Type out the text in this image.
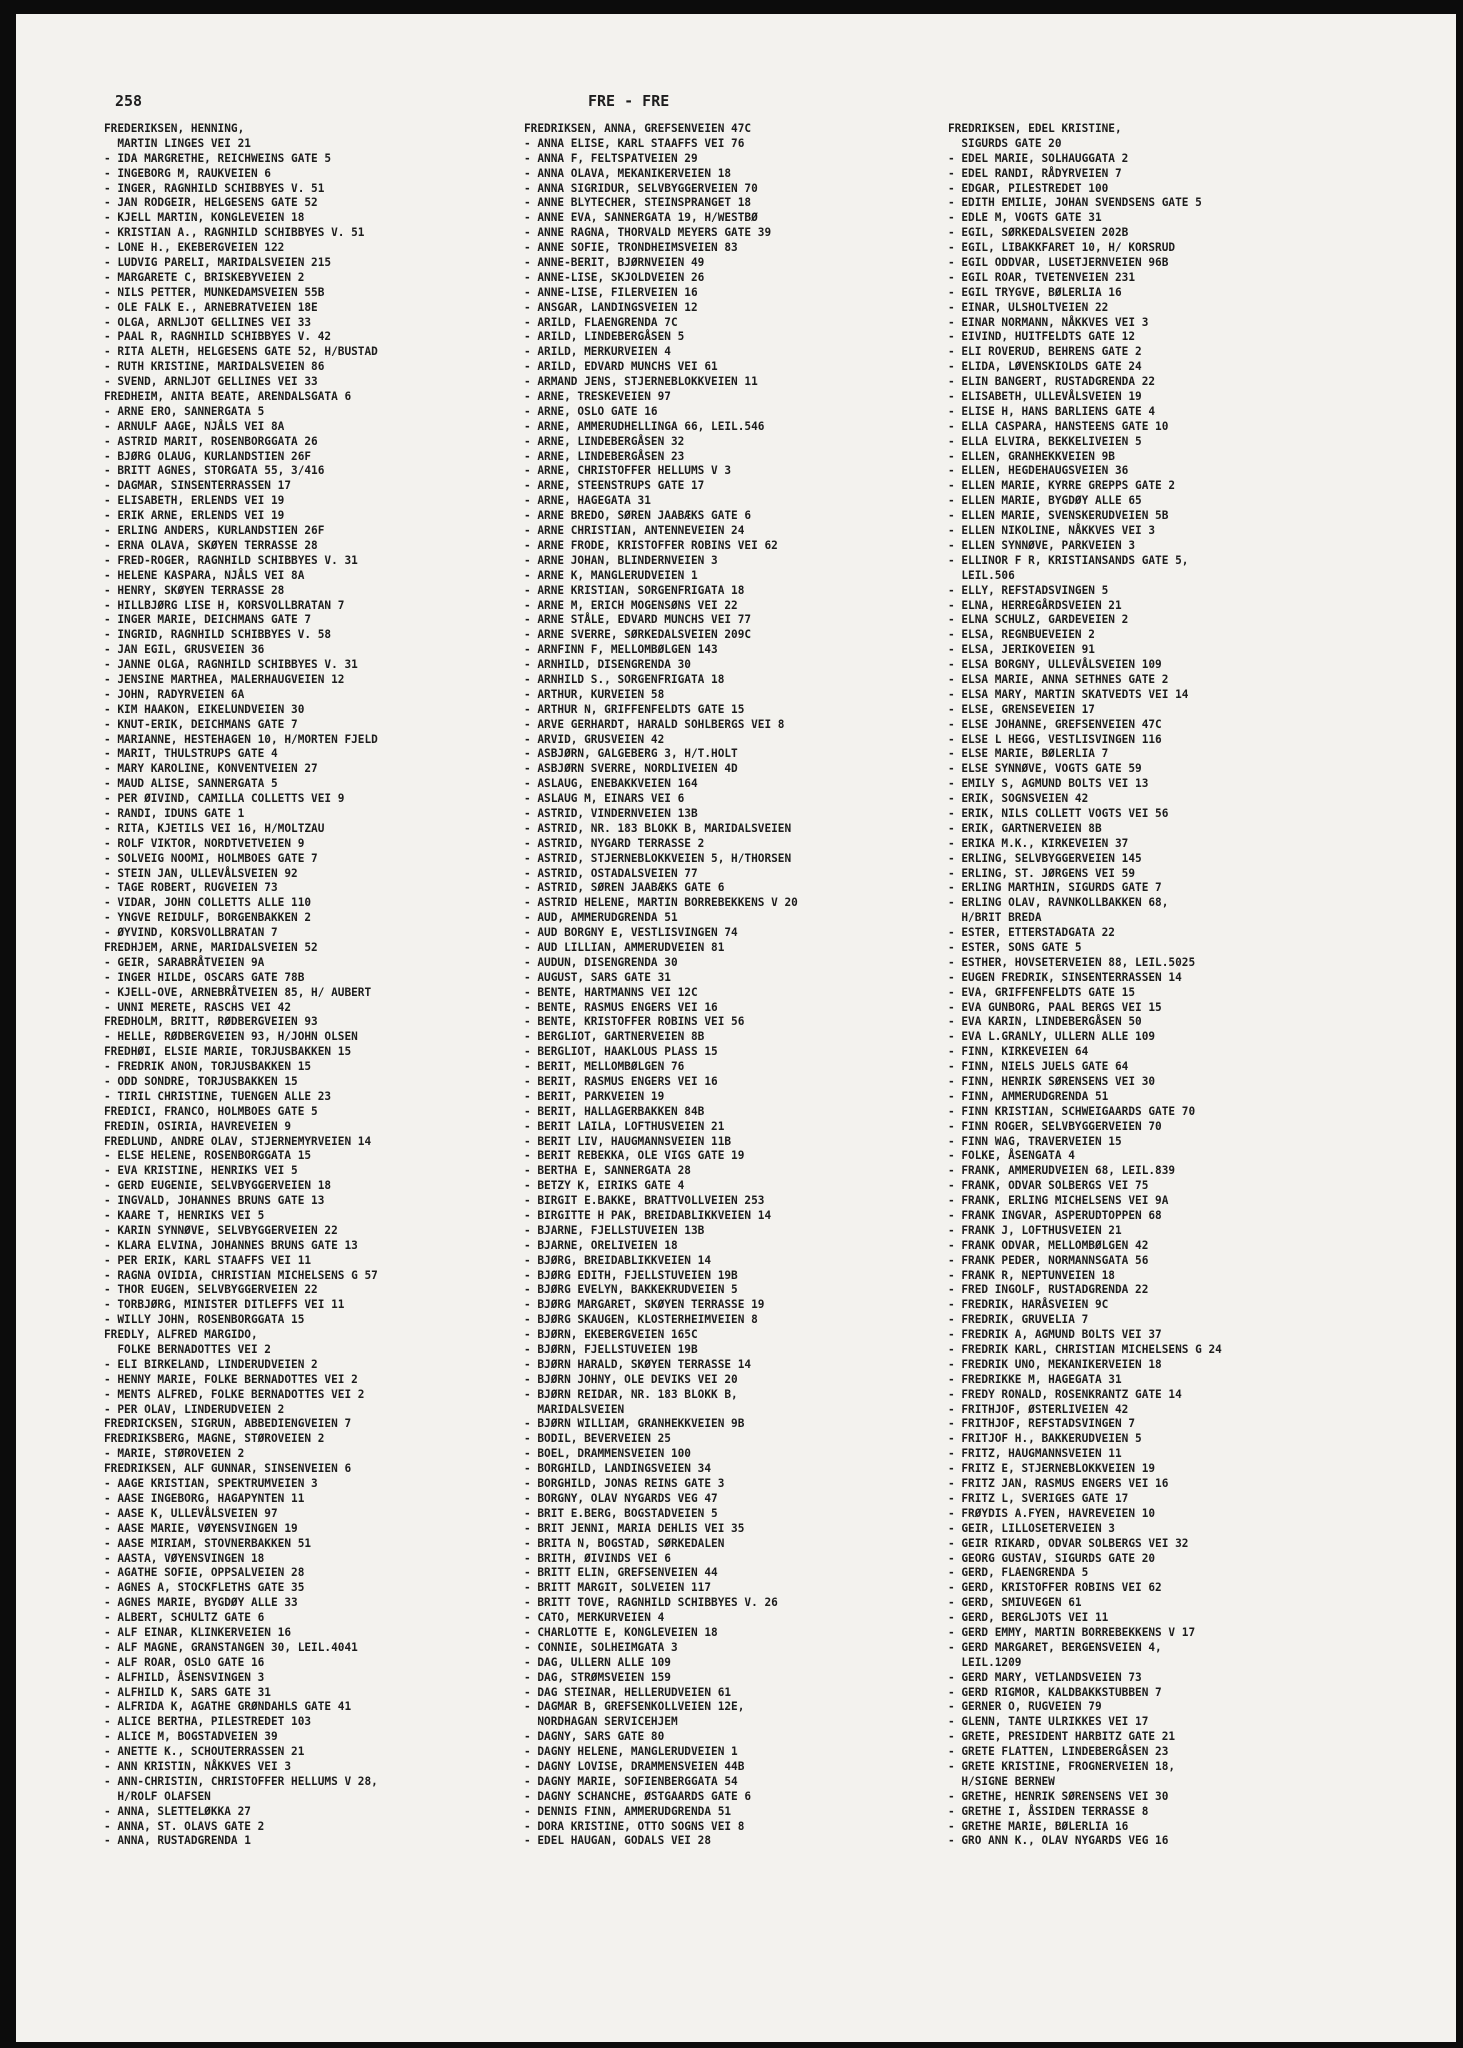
258	FRE - FRE
FREDERIKSEN, HENNING,
MARTIN LINGES VEI 21
- IDA MARGRETHE, REICHWEINS GATE 5
- INGEBORG M, RAUKVEIEN 6
- INGER, RAGNHILD SCHIBBYES V. 51
- JAN RODGEIR, HELGESENS GATE 52
- KJELL MARTIN, KONGLEVEIEN 18
- KRISTIAN A., RAGNHILD SCHIBBYES V. 51
- LONE H., EKEBERGVEIEN 122
- LUDVIG PARELI, MARIDALSVEIEN 215
- MARGARETE C, BRISKEBYVEIEN 2
- NILS PETTER, MUNKEDAMSVEIEN 55B
- OLE FALK E., ARNEBRATVEIEN 18E
- OLGA, ARNLJOT GELLINES VEI 33
- PAAL R, RAGNHILD SCHIBBYES V. 42
- RITA ALETH, HELGESENS GATE 52, H/BUSTAD
- RUTH KRISTINE, MARIDALSVEIEN 86
- SVEND, ARNLJOT GELLINES VEI 33
FREDHEIM, ANITA BEATE, ARENDALSGATA 6
- ARNE ERO, SANNERGATA 5
- ARNULF AAGE, NJÅLS VEI 8A
- ASTRID MARIT, ROSENBORGGATA 26
- BJØRG OLAUG, KURLANDSTIEN 26F
- BRITT AGNES, STORGATA 55, 3/416
- DAGMAR, SINSENTERRASSEN 17
- ELISABETH, ERLENDS VEI 19
- ERIK ARNE, ERLENDS VEI 19
- ERLING ANDERS, KURLANDSTIEN 26F
- ERNA OLAVA, SKØYEN TERRASSE 28
- FRED-ROGER, RAGNHILD SCHIBBYES V. 31
- HELENE KASPARA, NJÅLS VEI 8A
- HENRY, SKØYEN TERRASSE 28
- HILLBJØRG LISE H, KORSVOLLBRATAN 7
- INGER MARIE, DEICHMANS GATE 7
- INGRID, RAGNHILD SCHIBBYES V. 58
- JAN EGIL, GRUSVEIEN 36
- JANNE OLGA, RAGNHILD SCHIBBYES V. 31
- JENSINE MARTHEA, MALERHAUGVEIEN 12
- JOHN, RADYRVEIEN 6A
- KIM HAAKON, EIKELUNDVEIEN 30
- KNUT-ERIK, DEICHMANS GATE 7
- MARIANNE, HESTEHAGEN 10, H/MORTEN FJELD
- MARIT, THULSTRUPS GATE 4
- MARY KAROLINE, KONVENTVEIEN 27
- MAUD ALISE, SANNERGATA 5
- PER ØIVIND, CAMILLA COLLETTS VEI 9
- RANDI, IDUNS GATE 1
- RITA, KJETILS VEI 16, H/MOLTZAU
- ROLF VIKTOR, NORDTVETVEIEN 9
- SOLVEIG NOOMI, HOLMBOES GATE 7
- STEIN JAN, ULLEVÅLSVEIEN 92
- TAGE ROBERT, RUGVEIEN 73
- VIDAR, JOHN COLLETTS ALLE 110
- YNGVE REIDULF, BORGENBAKKEN 2
- ØYVIND, KORSVOLLBRATAN 7
FREDHJEM, ARNE, MARIDALSVEIEN 52
- GEIR, SARABRÅTVEIEN 9A
- INGER HILDE, OSCARS GATE 78B
- KJELL-OVE, ARNEBRÅTVEIEN 85, H/ AUBERT
- UNNI MERETE, RASCHS VEI 42
FREDHOLM, BRITT, RØDBERGVEIEN 93
- HELLE, RØDBERGVEIEN 93, H/JOHN OLSEN
FREDHØI, ELSIE MARIE, TORJUSBAKKEN 15
- FREDRIK ANON, TORJUSBAKKEN 15
- ODD SONDRE, TORJUSBAKKEN 15
- TIRIL CHRISTINE, TUENGEN ALLE 23
FREDICI, FRANCO, HOLMBOES GATE 5
FREDIN, OSIRIA, HAVREVEIEN 9
FREDLUND, ANDRE OLAV, STJERNEMYRVEIEN 14
- ELSE HELENE, ROSENBORGGATA 15
- EVA KRISTINE, HENRIKS VEI 5
- GERD EUGENIE, SELVBYGGERVEIEN 18
- INGVALD, JOHANNES BRUNS GATE 13
- KAARE T, HENRIKS VEI 5
- KARIN SYNNØVE, SELVBYGGERVEIEN 22
- KLARA ELVINA, JOHANNES BRUNS GATE 13
- PER ERIK, KARL STAAFFS VEI 11
- RAGNA OVIDIA, CHRISTIAN MICHELSENS G 57
- THOR EUGEN, SELVBYGGERVEIEN 22
- TORBJØRG, MINISTER DITLEFFS VEI 11
- WILLY JOHN, ROSENBORGGATA 15
FREDLY, ALFRED MARGIDO,
FOLKE BERNADOTTES VEI 2
- ELI BIRKELAND, LINDERUDVEIEN 2
- HENNY MARIE, FOLKE BERNADOTTES VEI 2
- MENTS ALFRED, FOLKE BERNADOTTES VEI 2
- PER OLAV, LINDERUDVEIEN 2
FREDRICKSEN, SIGRUN, ABBEDIENGVEIEN 7
FREDRIKSBERG, MAGNE, STØROVEIEN 2
- MARIE, STØROVEIEN 2
FREDRIKSEN, ALF GUNNAR, SINSENVEIEN 6
- AAGE KRISTIAN, SPEKTRUMVEIEN 3
- AASE INGEBORG, HAGAPYNTEN 11
- AASE K, ULLEVÅLSVEIEN 97
- AASE MARIE, VØYENSVINGEN 19
- AASE MIRIAM, STOVNERBAKKEN 51
- AASTA, VØYENSVINGEN 18
- AGATHE SOFIE, OPPSALVEIEN 28
- AGNES A, STOCKFLETHS GATE 35
- AGNES MARIE, BYGDØY ALLE 33
- ALBERT, SCHULTZ GATE 6
- ALF EINAR, KLINKERVEIEN 16
- ALF MAGNE, GRANSTANGEN 30, LEIL.4041
- ALF ROAR, OSLO GATE 16
- ALFHILD, ÅSENSVINGEN 3
- ALFHILD K, SARS GATE 31
- ALFRIDA K, AGATHE GRØNDAHLS GATE 41
- ALICE BERTHA, PILESTREDET 103
- ALICE M, BOGSTADVEIEN 39
- ANETTE K., SCHOUTERRASSEN 21
- ANN KRISTIN, NÅKKVES VEI 3
- ANN-CHRISTIN, CHRISTOFFER HELLUMS V 28,
H/ROLF OLAFSEN
- ANNA, SLETTELØKKA 27
- ANNA, ST. OLAVS GATE 2
- ANNA, RUSTADGRENDA 1
FREDRIKSEN, ANNA, GREFSENVEIEN 47C
- ANNA ELISE, KARL STAAFFS VEI 76
- ANNA F, FELTSPATVEIEN 29
- ANNA OLAVA, MEKANIKERVEIEN 18
- ANNA SIGRIDUR, SELVBYGGERVEIEN 70
- ANNE BLYTECHER, STEINSPRANGET 18
- ANNE EVA, SANNERGATA 19, H/WESTBØ
- ANNE RAGNA, THORVALD MEYERS GATE 39
- ANNE SOFIE, TRONDHEIMSVEIEN 83
- ANNE-BERIT, BJØRNVEIEN 49
- ANNE-LISE, SKJOLDVEIEN 26
- ANNE-LISE, FILERVEIEN 16
- ANSGAR, LANDINGSVEIEN 12
- ARILD, FLAENGRENDA 7C
- ARILD, LINDEBERGÅSEN 5
- ARILD, MERKURVEIEN 4
- ARILD, EDVARD MUNCHS VEI 61
- ARMAND JENS, STJERNEBLOKKVEIEN 11
- ARNE, TRESKEVEIEN 97
- ARNE, OSLO GATE 16
- ARNE, AMMERUDHELLINGA 66, LEIL.546
- ARNE, LINDEBERGÅSEN 32
- ARNE, LINDEBERGÅSEN 23
- ARNE, CHRISTOFFER HELLUMS V 3
- ARNE, STEENSTRUPS GATE 17
- ARNE, HAGEGATA 31
- ARNE BREDO, SØREN JAABÆKS GATE 6
- ARNE CHRISTIAN, ANTENNEVEIEN 24
- ARNE FRODE, KRISTOFFER ROBINS VEI 62
- ARNE JOHAN, BLINDERNVEIEN 3
- ARNE K, MANGLERUDVEIEN 1
- ARNE KRISTIAN, SORGENFRIGATA 18
- ARNE M, ERICH MOGENSØNS VEI 22
- ARNE STÅLE, EDVARD MUNCHS VEI 77
- ARNE SVERRE, SØRKEDALSVEIEN 209C
- ARNFINN F, MELLOMBØLGEN 143
- ARNHILD, DISENGRENDA 30
- ARNHILD S., SORGENFRIGATA 18
- ARTHUR, KURVEIEN 58
- ARTHUR N, GRIFFENFELDTS GATE 15
- ARVE GERHARDT, HARALD SOHLBERGS VEI 8
- ARVID, GRUSVEIEN 42
- ASBJØRN, GALGEBERG 3, H/T.HOLT
- ASBJØRN SVERRE, NORDLIVEIEN 4D
- ASLAUG, ENEBAKKVEIEN 164
- ASLAUG M, EINARS VEI 6
- ASTRID, VINDERNVEIEN 13B
- ASTRID, NR. 183 BLOKK B, MARIDALSVEIEN
- ASTRID, NYGARD TERRASSE 2
- ASTRID, STJERNEBLOKKVEIEN 5, H/THORSEN
- ASTRID, OSTADALSVEIEN 77
- ASTRID, SØREN JAABÆKS GATE 6
- ASTRID HELENE, MARTIN BORREBEKKENS V 20
- AUD, AMMERUDGRENDA 51
- AUD BORGNY E, VESTLISVINGEN 74
- AUD LILLIAN, AMMERUDVEIEN 81
- AUDUN, DISENGRENDA 30
- AUGUST, SARS GATE 31
- BENTE, HARTMANNS VEI 12C
- BENTE, RASMUS ENGERS VEI 16
- BENTE, KRISTOFFER ROBINS VEI 56
- BERGLIOT, GARTNERVEIEN 8B
- BERGLIOT, HAAKLOUS PLASS 15
- BERIT, MELLOMBØLGEN 76
- BERIT, RASMUS ENGERS VEI 16
- BERIT, PARKVEIEN 19
- BERIT, HALLAGERBAKKEN 84B
- BERIT LAILA, LOFTHUSVEIEN 21
- BERIT LIV, HAUGMANNSVEIEN 11B
- BERIT REBEKKA, OLE VIGS GATE 19
- BERTHA E, SANNERGATA 28
- BETZY K, EIRIKS GATE 4
- BIRGIT E.BAKKE, BRATTVOLLVEIEN 253
- BIRGITTE H PAK, BREIDABLIKKVEIEN 14
- BJARNE, FJELLSTUVEIEN 13B
- BJARNE, ORELIVEIEN 18
- BJØRG, BREIDABLIKKVEIEN 14
- BJØRG EDITH, FJELLSTUVEIEN 19B
- BJØRG EVELYN, BAKKEKRUDVEIEN 5
- BJØRG MARGARET, SKØYEN TERRASSE 19
- BJØRG SKAUGEN, KLOSTERHEIMVEIEN 8
- BJØRN, EKEBERGVEIEN 165C
- BJØRN, FJELLSTUVEIEN 19B
- BJØRN HARALD, SKØYEN TERRASSE 14
- BJØRN JOHNY, OLE DEVIKS VEI 20
- BJØRN REIDAR, NR. 183 BLOKK B,
MARIDALSVEIEN
- BJØRN WILLIAM, GRANHEKKVEIEN 9B
- BODIL, BEVERVEIEN 25
- BOEL, DRAMMENSVEIEN 100
- BORGHILD, LANDINGSVEIEN 34
- BORGHILD, JONAS REINS GATE 3
- BORGNY, OLAV NYGARDS VEG 47
- BRIT E.BERG, BOGSTADVEIEN 5
- BRIT JENNI, MARIA DEHLIS VEI 35
- BRITA N, BOGSTAD, SØRKEDALEN
- BRITH, ØIVINDS VEI 6
- BRITT ELIN, GREFSENVEIEN 44
- BRITT MARGIT, SOLVEIEN 117
- BRITT TOVE, RAGNHILD SCHIBBYES V. 26
- CATO, MERKURVEIEN 4
- CHARLOTTE E, KONGLEVEIEN 18
- CONNIE, SOLHEIMGATA 3
- DAG, ULLERN ALLE 109
- DAG, STRØMSVEIEN 159
- DAG STEINAR, HELLERUDVEIEN 61
- DAGMAR B, GREFSENKOLLVEIEN 12E,
NORDHAGAN SERVICEHJEM
- DAGNY, SARS GATE 80
- DAGNY HELENE, MANGLERUDVEIEN 1
- DAGNY LOVISE, DRAMMENSVEIEN 44B
- DAGNY MARIE, SOFIENBERGGATA 54
- DAGNY SCHANCHE, ØSTGAARDS GATE 6
- DENNIS FINN, AMMERUDGRENDA 51
- DORA KRISTINE, OTTO SOGNS VEI 8
- EDEL HAUGAN, GODALS VEI 28
FREDRIKSEN, EDEL KRISTINE,
SIGURDS GATE 20
- EDEL MARIE, SOLHAUGGATA 2
- EDEL RANDI, RÅDYRVEIEN 7
- EDGAR, PILESTREDET 100
- EDITH EMILIE, JOHAN SVENDSENS GATE 5
- EDLE M, VOGTS GATE 31
- EGIL, SØRKEDALSVEIEN 202B
- EGIL, LIBAKKFARET 10, H/ KORSRUD
- EGIL ODDVAR, LUSETJERNVEIEN 96B
- EGIL ROAR, TVETENVEIEN 231
- EGIL TRYGVE, BØLERLIA 16
- EINAR, ULSHOLTVEIEN 22
- EINAR NORMANN, NÅKKVES VEI 3
- EIVIND, HUITFELDTS GATE 12
- ELI ROVERUD, BEHRENS GATE 2
- ELIDA, LØVENSKIOLDS GATE 24
- ELIN BANGERT, RUSTADGRENDA 22
- ELISABETH, ULLEVÅLSVEIEN 19
- ELISE H, HANS BARLIENS GATE 4
- ELLA CASPARA, HANSTEENS GATE 10
- ELLA ELVIRA, BEKKELIVEIEN 5
- ELLEN, GRANHEKKVEIEN 9B
- ELLEN, HEGDEHAUGSVEIEN 36
- ELLEN MARIE, KYRRE GREPPS GATE 2
- ELLEN MARIE, BYGDØY ALLE 65
- ELLEN MARIE, SVENSKERUDVEIEN 5B
- ELLEN NIKOLINE, NÅKKVES VEI 3
- ELLEN SYNNØVE, PARKVEIEN 3
- ELLINOR F R, KRISTIANSANDS GATE 5,
LEIL.506
- ELLY, REFSTADSVINGEN 5
- ELNA, HERREGÅRDSVEIEN 21
- ELNA SCHULZ, GARDEVEIEN 2
- ELSA, REGNBUEVEIEN 2
- ELSA, JERIKOVEIEN 91
- ELSA BORGNY, ULLEVÅLSVEIEN 109
- ELSA MARIE, ANNA SETHNES GATE 2
- ELSA MARY, MARTIN SKATVEDTS VEI 14
- ELSE, GRENSEVEIEN 17
- ELSE JOHANNE, GREFSENVEIEN 47C
- ELSE L HEGG, VESTLISVINGEN 116
- ELSE MARIE, BØLERLIA 7
- ELSE SYNNØVE, VOGTS GATE 59
- EMILY S, AGMUND BOLTS VEI 13
- ERIK, SOGNSVEIEN 42
- ERIK, NILS COLLETT VOGTS VEI 56
- ERIK, GARTNERVEIEN 8B
- ERIKA M.K., KIRKEVEIEN 37
- ERLING, SELVBYGGERVEIEN 145
- ERLING, ST. JØRGENS VEI 59
- ERLING MARTHIN, SIGURDS GATE 7
- ERLING OLAV, RAVNKOLLBAKKEN 68,
H/BRIT BREDA
- ESTER, ETTERSTADGATA 22
- ESTER, SONS GATE 5
- ESTHER, HOVSETERVEIEN 88, LEIL.5025
- EUGEN FREDRIK, SINSENTERRASSEN 14
- EVA, GRIFFENFELDTS GATE 15
- EVA GUNBORG, PAAL BERGS VEI 15
- EVA KARIN, LINDEBERGÅSEN 50
- EVA L.GRANLY, ULLERN ALLE 109
- FINN, KIRKEVEIEN 64
- FINN, NIELS JUELS GATE 64
- FINN, HENRIK SØRENSENS VEI 30
- FINN, AMMERUDGRENDA 51
- FINN KRISTIAN, SCHWEIGAARDS GATE 70
- FINN ROGER, SELVBYGGERVEIEN 70
- FINN WAG, TRAVERVEIEN 15
- FOLKE, ÅSENGATA 4
- FRANK, AMMERUDVEIEN 68, LEIL.839
- FRANK, ODVAR SOLBERGS VEI 75
- FRANK, ERLING MICHELSENS VEI 9A
- FRANK INGVAR, ASPERUDTOPPEN 68
- FRANK J, LOFTHUSVEIEN 21
- FRANK ODVAR, MELLOMBØLGEN 42
- FRANK PEDER, NORMANNSGATA 56
- FRANK R, NEPTUNVEIEN 18
- FRED INGOLF, RUSTADGRENDA 22
- FREDRIK, HARÅSVEIEN 9C
- FREDRIK, GRUVELIA 7
- FREDRIK A, AGMUND BOLTS VEI 37
- FREDRIK KARL, CHRISTIAN MICHELSENS G 24
- FREDRIK UNO, MEKANIKERVEIEN 18
- FREDRIKKE M, HAGEGATA 31
- FREDY RONALD, ROSENKRANTZ GATE 14
- FRITHJOF, ØSTERLIVEIEN 42
- FRITHJOF, REFSTADSVINGEN 7
- FRITJOF H., BAKKERUDVEIEN 5
- FRITZ, HAUGMANNSVEIEN 11
- FRITZ E, STJERNEBLOKKVEIEN 19
- FRITZ JAN, RASMUS ENGERS VEI 16
- FRITZ L, SVERIGES GATE 17
- FRØYDIS A.FYEN, HAVREVEIEN 10
- GEIR, LILLOSETERVEIEN 3
- GEIR RIKARD, ODVAR SOLBERGS VEI 32
- GEORG GUSTAV, SIGURDS GATE 20
- GERD, FLAENGRENDA 5
- GERD, KRISTOFFER ROBINS VEI 62
- GERD, SMIUVEGEN 61
- GERD, BERGLJOTS VEI 11
- GERD EMMY, MARTIN BORREBEKKENS V 17
- GERD MARGARET, BERGENSVEIEN 4,
LEIL.1209
- GERD MARY, VETLANDSVEIEN 73
- GERD RIGMOR, KALDBAKKSTUBBEN 7
- GERNER O, RUGVEIEN 79
- GLENN, TANTE ULRIKKES VEI 17
- GRETE, PRESIDENT HARBITZ GATE 21
- GRETE FLATTEN, LINDEBERGÅSEN 23
- GRETE KRISTINE, FROGNERVEIEN 18,
H/SIGNE BERNEW
- GRETHE, HENRIK SØRENSENS VEI 30
- GRETHE I, ÅSSIDEN TERRASSE 8
- GRETHE MARIE, BØLERLIA 16
- GRO ANN K., OLAV NYGARDS VEG 16
